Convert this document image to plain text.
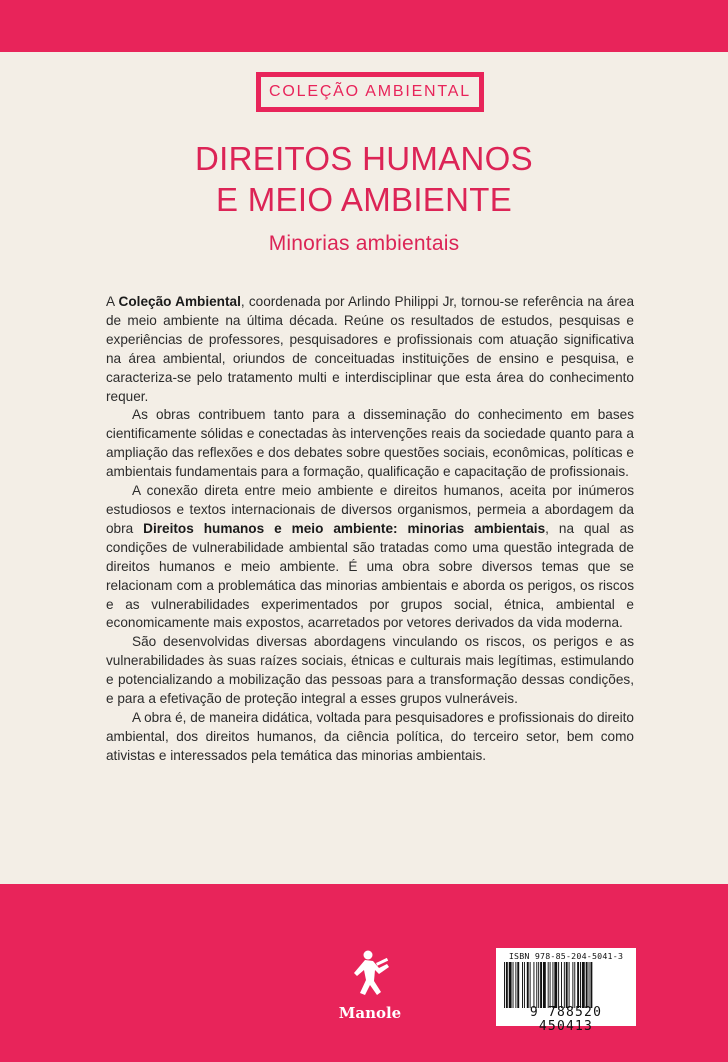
COLEÇÃO AMBIENTAL
DIREITOS HUMANOS
E MEIO AMBIENTE
Minorias ambientais

A Coleção Ambiental, coordenada por Arlindo Philippi Jr, tornou-se referência na área de meio ambiente na última década. Reúne os resultados de estudos, pesquisas e experiências de professores, pesquisadores e profissionais com atuação significativa na área ambiental, oriundos de conceituadas instituições de ensino e pesquisa, e caracteriza-se pelo tratamento multi e interdisciplinar que esta área do conhecimento requer.

As obras contribuem tanto para a disseminação do conhecimento em bases cientificamente sólidas e conectadas às intervenções reais da sociedade quanto para a ampliação das reflexões e dos debates sobre questões sociais, econômicas, políticas e ambientais fundamentais para a formação, qualificação e capacitação de profissionais.

A conexão direta entre meio ambiente e direitos humanos, aceita por inúmeros estudiosos e textos internacionais de diversos organismos, permeia a abordagem da obra Direitos humanos e meio ambiente: minorias ambientais, na qual as condições de vulnerabilidade ambiental são tratadas como uma questão integrada de direitos humanos e meio ambiente. É uma obra sobre diversos temas que se relacionam com a problemática das minorias ambientais e aborda os perigos, os riscos e as vulnerabilidades experimentados por grupos social, étnica, ambiental e economicamente mais expostos, acarretados por vetores derivados da vida moderna.

São desenvolvidas diversas abordagens vinculando os riscos, os perigos e as vulnerabilidades às suas raízes sociais, étnicas e culturais mais legítimas, estimulando e potencializando a mobilização das pessoas para a transformação dessas condições, e para a efetivação de proteção integral a esses grupos vulneráveis.

A obra é, de maneira didática, voltada para pesquisadores e profissionais do direito ambiental, dos direitos humanos, da ciência política, do terceiro setor, bem como ativistas e interessados pela temática das minorias ambientais.

Manole
ISBN 978-85-204-5041-3
9 788520 450413
